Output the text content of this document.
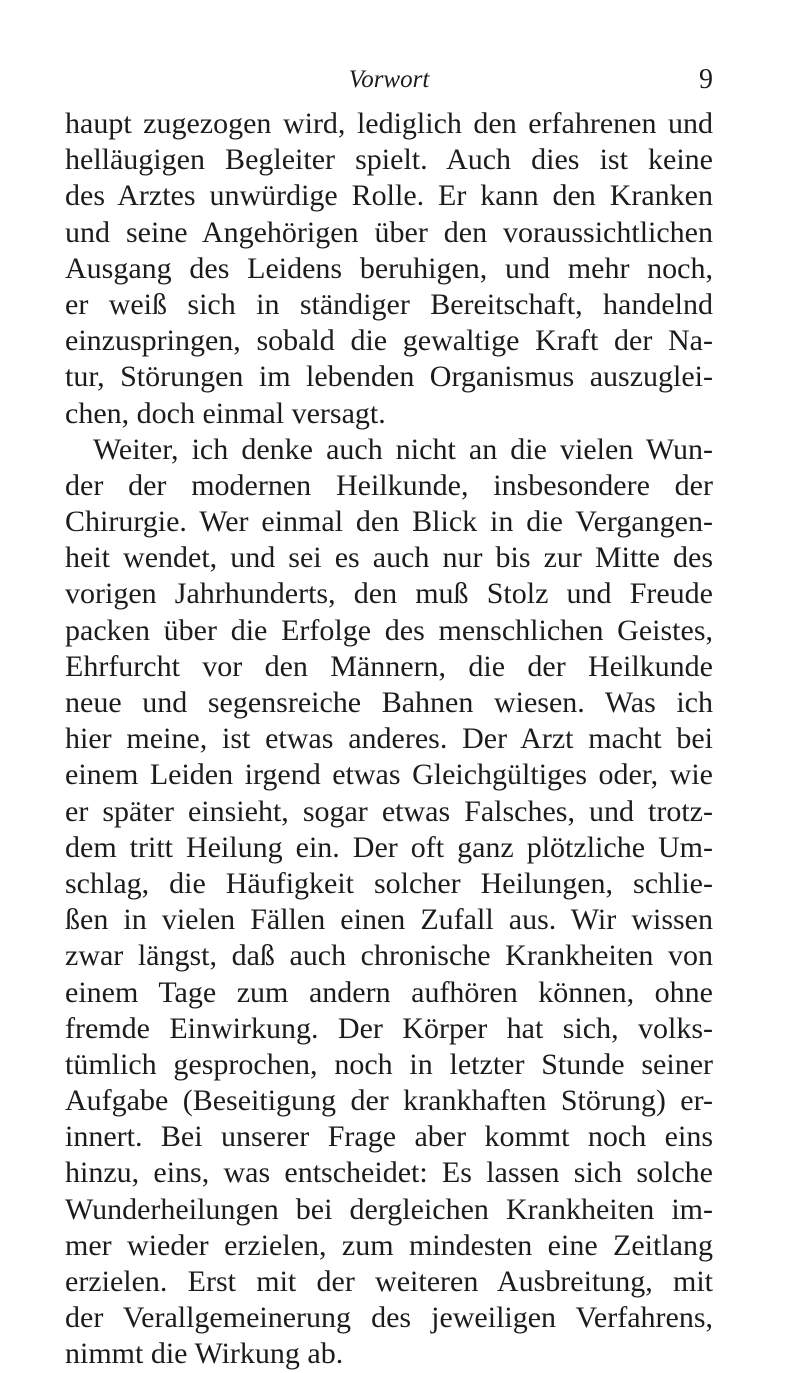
Vorwort	9
haupt zugezogen wird, lediglich den erfahrenen und
helläugigen Begleiter spielt. Auch dies ist keine
des Arztes unwürdige Rolle. Er kann den Kranken
und seine Angehörigen über den voraussichtlichen
Ausgang des Leidens beruhigen, und mehr noch,
er weiß sich in ständiger Bereitschaft, handelnd
einzuspringen, sobald die gewaltige Kraft der Na-
tur, Störungen im lebenden Organismus auszuglei-
chen, doch einmal versagt.
Weiter, ich denke auch nicht an die vielen Wun-
der der modernen Heilkunde, insbesondere der
Chirurgie. Wer einmal den Blick in die Vergangen-
heit wendet, und sei es auch nur bis zur Mitte des
vorigen Jahrhunderts, den muß Stolz und Freude
packen über die Erfolge des menschlichen Geistes,
Ehrfurcht vor den Männern, die der Heilkunde
neue und segensreiche Bahnen wiesen. Was ich
hier meine, ist etwas anderes. Der Arzt macht bei
einem Leiden irgend etwas Gleichgültiges oder, wie
er später einsieht, sogar etwas Falsches, und trotz-
dem tritt Heilung ein. Der oft ganz plötzliche Um-
schlag, die Häufigkeit solcher Heilungen, schlie-
ßen in vielen Fällen einen Zufall aus. Wir wissen
zwar längst, daß auch chronische Krankheiten von
einem Tage zum andern aufhören können, ohne
fremde Einwirkung. Der Körper hat sich, volks-
tümlich gesprochen, noch in letzter Stunde seiner
Aufgabe (Beseitigung der krankhaften Störung) er-
innert. Bei unserer Frage aber kommt noch eins
hinzu, eins, was entscheidet: Es lassen sich solche
Wunderheilungen bei dergleichen Krankheiten im-
mer wieder erzielen, zum mindesten eine Zeitlang
erzielen. Erst mit der weiteren Ausbreitung, mit
der Verallgemeinerung des jeweiligen Verfahrens,
nimmt die Wirkung ab.
